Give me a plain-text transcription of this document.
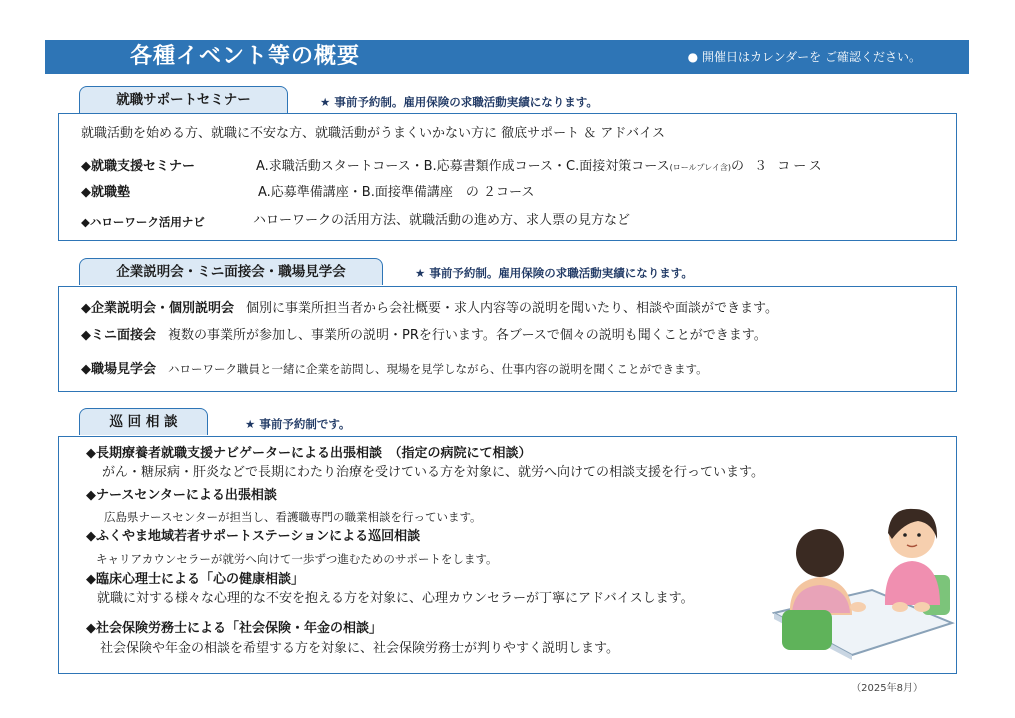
各種イベント等の概要	● 開催日はカレンダーを ご確認ください。
就職サポートセミナー	★ 事前予約制。雇用保険の求職活動実績になります。
就職活動を始める方、就職に不安な方、就職活動がうまくいかない方に 徹底サポート ＆ アドバイス
◆就職支援セミナー	A.求職活動スタートコース・B.応募書類作成コース・C.面接対策コース(ロールプレイ含)の ３ コース
◆就職塾	A.応募準備講座・B.面接準備講座　の ２コース
◆ハローワーク活用ナビ	ハローワークの活用方法、就職活動の進め方、求人票の見方など
企業説明会・ミニ面接会・職場見学会	★ 事前予約制。雇用保険の求職活動実績になります。
◆企業説明会・個別説明会 個別に事業所担当者から会社概要・求人内容等の説明を聞いたり、相談や面談ができます。
◆ミニ面接会 複数の事業所が参加し、事業所の説明・PRを行います。各ブースで個々の説明も聞くことができます。
◆職場見学会 ハローワーク職員と一緒に企業を訪問し、現場を見学しながら、仕事内容の説明を聞くことができます。
巡 回 相 談	★ 事前予約制です。
◆長期療養者就職支援ナビゲーターによる出張相談　（指定の病院にて相談）
がん・糖尿病・肝炎などで長期にわたり治療を受けている方を対象に、就労へ向けての相談支援を行っています。
◆ナースセンターによる出張相談
広島県ナースセンターが担当し、看護職専門の職業相談を行っています。
◆ふくやま地域若者サポートステーションによる巡回相談
キャリアカウンセラーが就労へ向けて一歩ずつ進むためのサポートをします。
◆臨床心理士による「心の健康相談」
就職に対する様々な心理的な不安を抱える方を対象に、心理カウンセラーが丁寧にアドバイスします。
◆社会保険労務士による「社会保険・年金の相談」
社会保険や年金の相談を希望する方を対象に、社会保険労務士が判りやすく説明します。
（2025年8月）
